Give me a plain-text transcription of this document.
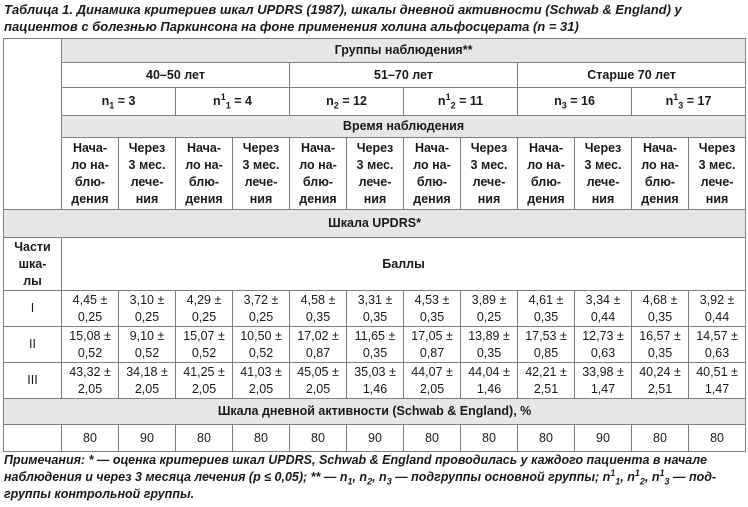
Таблица 1. Динамика критериев шкал UPDRS (1987), шкалы дневной активности (Schwab & England) у пациентов с болезнью Паркинсона на фоне применения холина альфосцерата (n = 31)
	Группы наблюдения**											
	40–50 лет				51–70 лет				Старше 70 лет			
	$n_1 = 3$		$n^1_1 = 4$		$n_2 = 12$		$n^1_2 = 11$		$n_3 = 16$		$n^1_3 = 17$	
	Время наблюдения											
	Нача-
ло на-
блю-
дения	Через
3 мес.
лече-
ния	Нача-
ло на-
блю-
дения	Через
3 мес.
лече-
ния	Нача-
ло на-
блю-
дения	Через
3 мес.
лече-
ния	Нача-
ло на-
блю-
дения	Через
3 мес.
лече-
ния	Нача-
ло на-
блю-
дения	Через
3 мес.
лече-
ния	Нача-
ло на-
блю-
дения	Через
3 мес.
лече-
ния
Шкала UPDRS*												
Части
шка-
лы	Баллы											
I	4,45 ±
0,25	3,10 ±
0,25	4,29 ±
0,25	3,72 ±
0,25	4,58 ±
0,35	3,31 ±
0,35	4,53 ±
0,35	3,89 ±
0,25	4,61 ±
0,35	3,34 ±
0,44	4,68 ±
0,35	3,92 ±
0,44
II	15,08 ±
0,52	9,10 ±
0,52	15,07 ±
0,52	10,50 ±
0,52	17,02 ±
0,87	11,65 ±
0,35	17,05 ±
0,87	13,89 ±
0,35	17,53 ±
0,85	12,73 ±
0,63	16,57 ±
0,35	14,57 ±
0,63
III	43,32 ±
2,05	34,18 ±
2,05	41,25 ±
2,05	41,03 ±
2,05	45,05 ±
2,05	35,03 ±
1,46	44,07 ±
2,05	44,04 ±
1,46	42,21 ±
2,51	33,98 ±
1,47	40,24 ±
2,51	40,51 ±
1,47
Шкала дневной активности (Schwab & England), %												
	80	90	80	80	80	90	80	80	80	90	80	80
Примечания: * — оценка критериев шкал UPDRS, Schwab & England проводилась у каждого пациента в начале
наблюдения и через 3 месяца лечения (p ≤ 0,05); ** — $n_1$, $n_2$, $n_3$ — подгруппы основной группы; $n^1_1$, $n^1_2$, $n^1_3$ — под-
группы контрольной группы.
